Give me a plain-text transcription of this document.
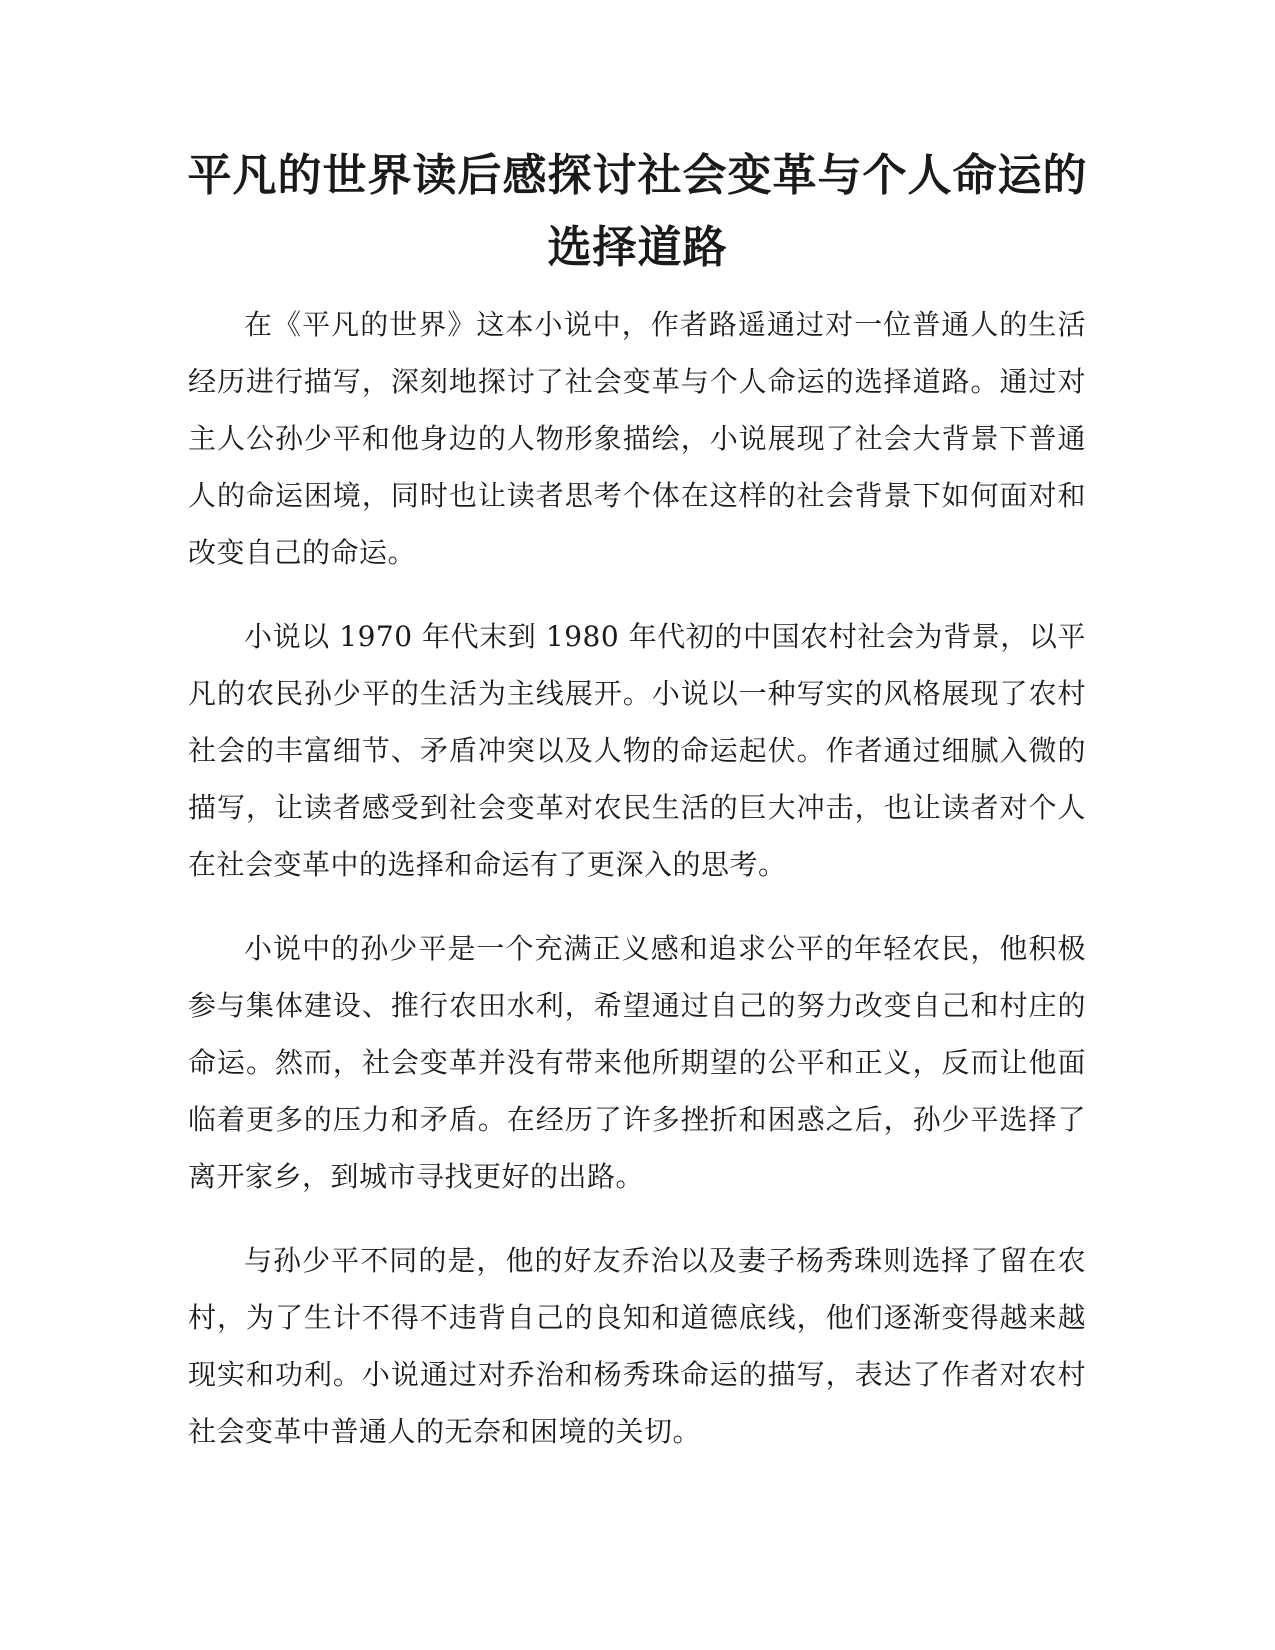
平凡的世界读后感探讨社会变革与个人命运的选择道路

在《平凡的世界》这本小说中，作者路遥通过对一位普通人的生活经历进行描写，深刻地探讨了社会变革与个人命运的选择道路。通过对主人公孙少平和他身边的人物形象描绘，小说展现了社会大背景下普通人的命运困境，同时也让读者思考个体在这样的社会背景下如何面对和改变自己的命运。

小说以 1970 年代末到 1980 年代初的中国农村社会为背景，以平凡的农民孙少平的生活为主线展开。小说以一种写实的风格展现了农村社会的丰富细节、矛盾冲突以及人物的命运起伏。作者通过细腻入微的描写，让读者感受到社会变革对农民生活的巨大冲击，也让读者对个人在社会变革中的选择和命运有了更深入的思考。

小说中的孙少平是一个充满正义感和追求公平的年轻农民，他积极参与集体建设、推行农田水利，希望通过自己的努力改变自己和村庄的命运。然而，社会变革并没有带来他所期望的公平和正义，反而让他面临着更多的压力和矛盾。在经历了许多挫折和困惑之后，孙少平选择了离开家乡，到城市寻找更好的出路。

与孙少平不同的是，他的好友乔治以及妻子杨秀珠则选择了留在农村，为了生计不得不违背自己的良知和道德底线，他们逐渐变得越来越现实和功利。小说通过对乔治和杨秀珠命运的描写，表达了作者对农村社会变革中普通人的无奈和困境的关切。
